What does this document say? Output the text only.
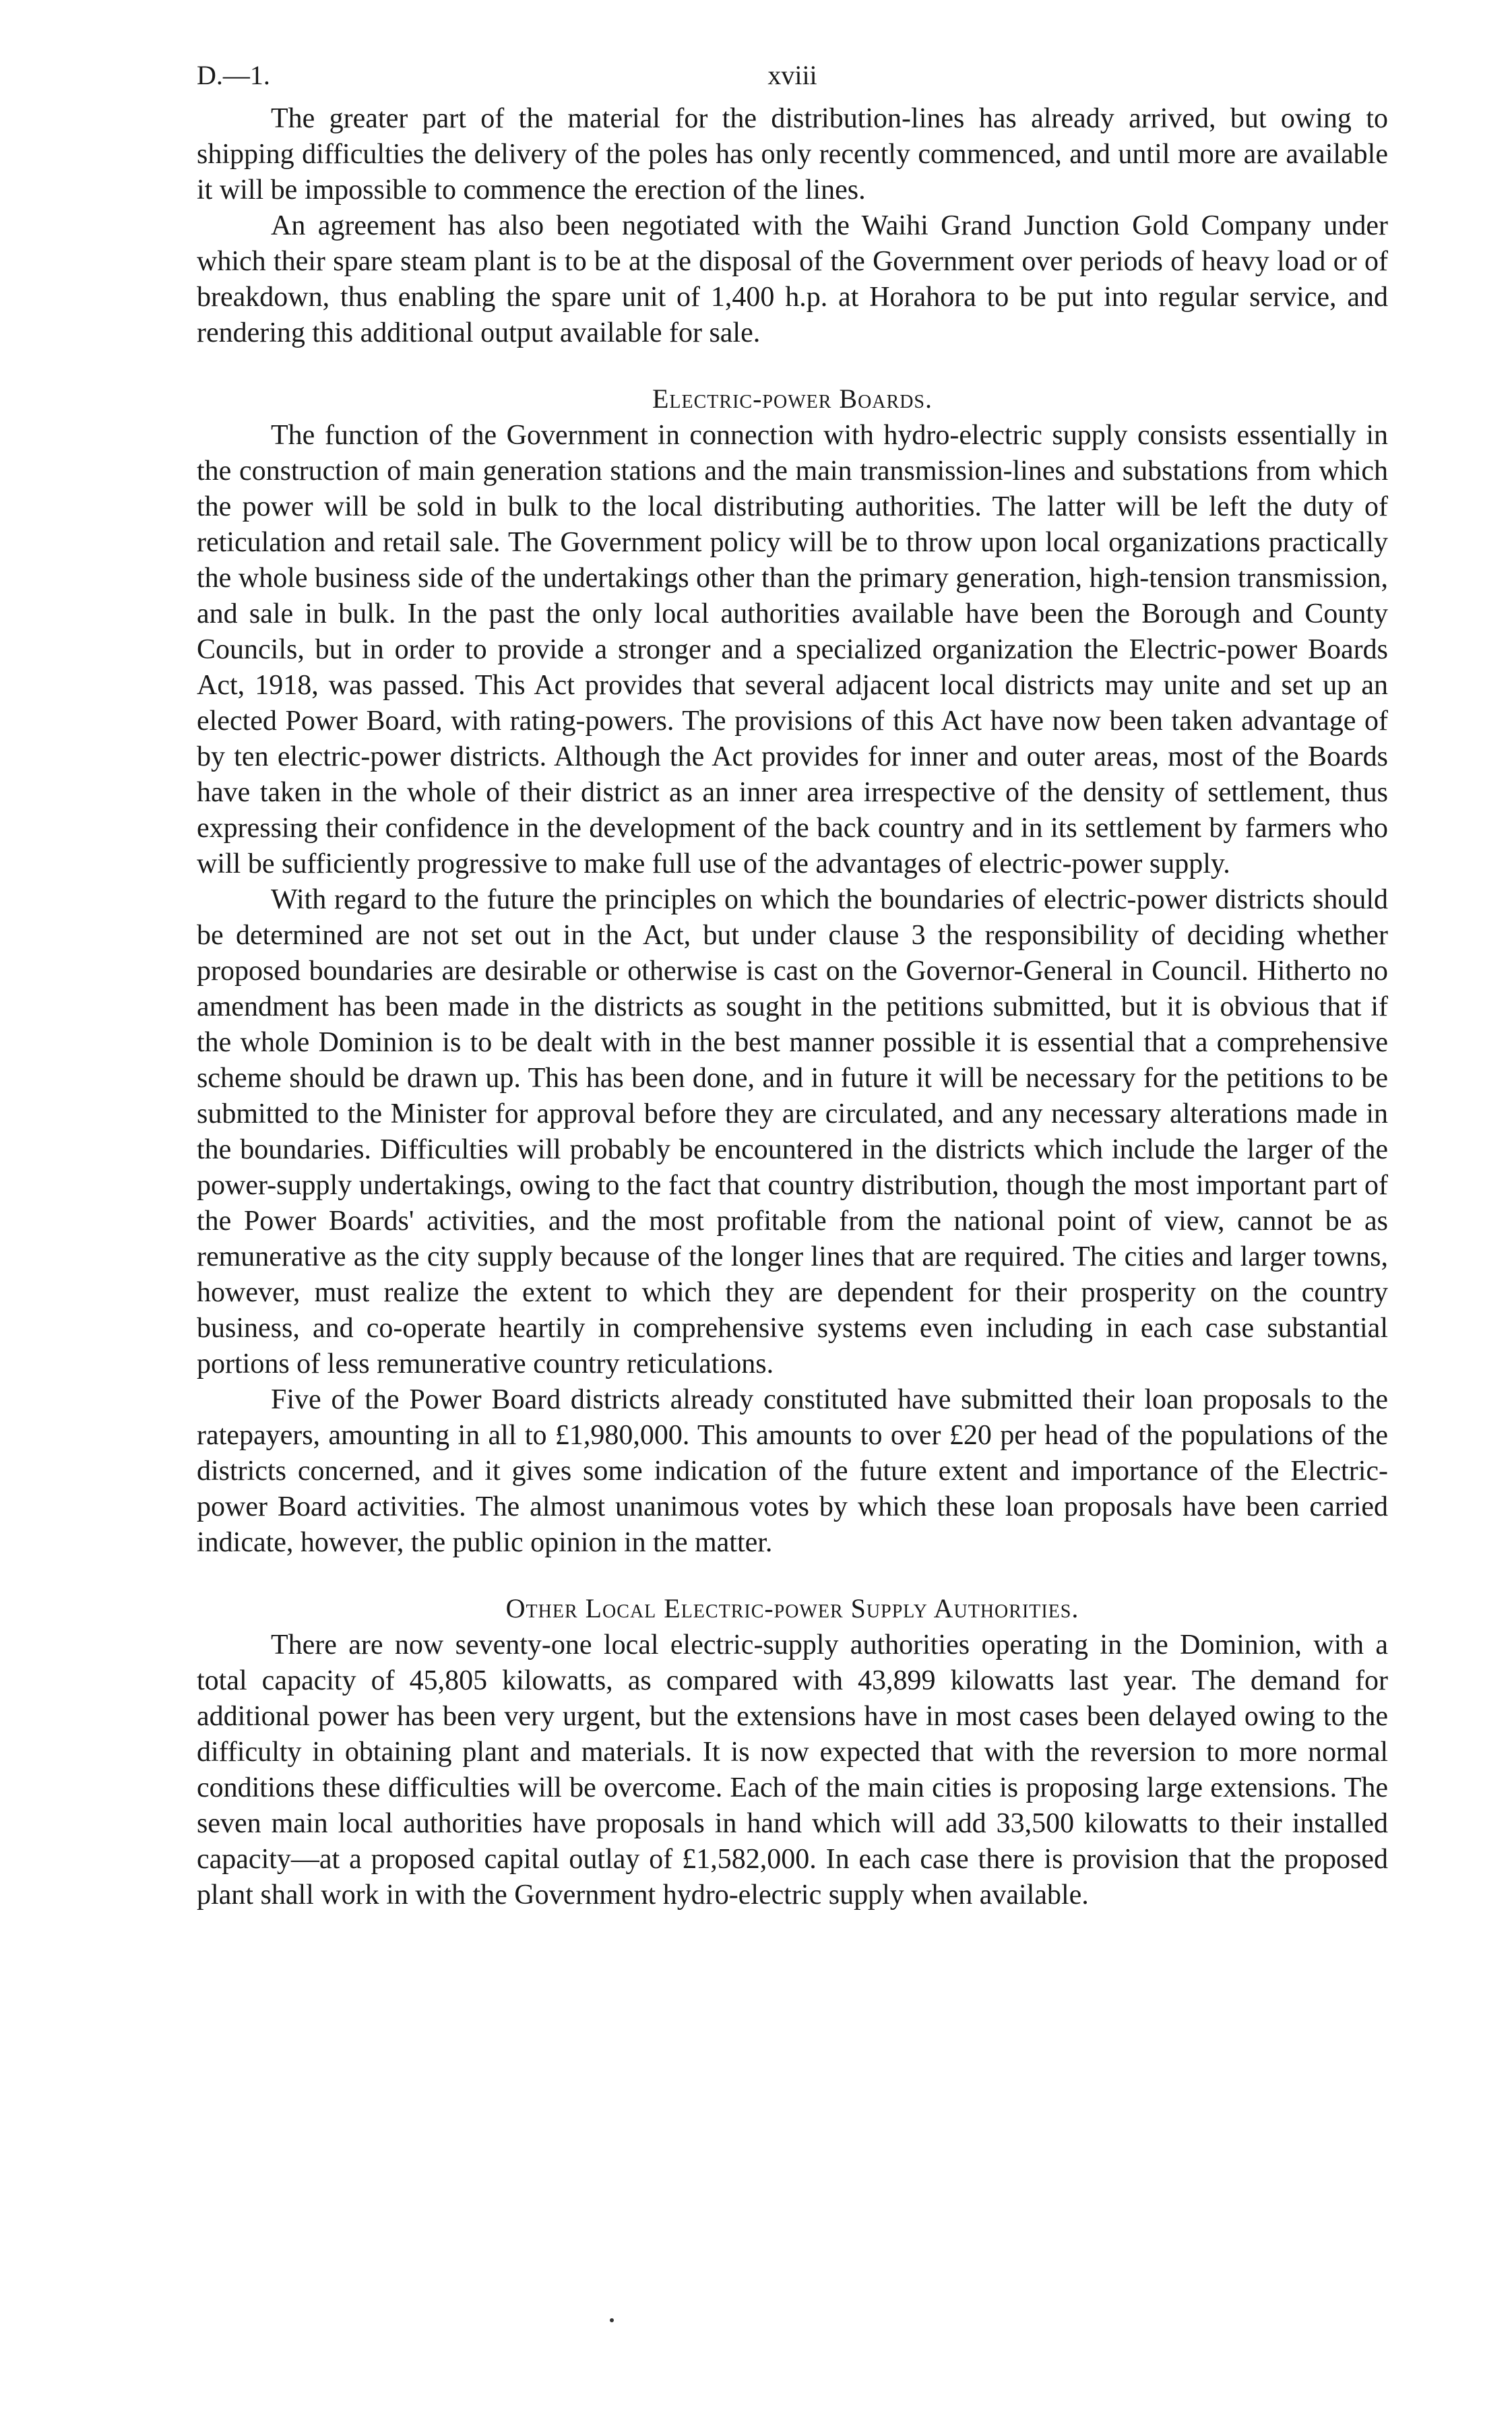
D.—1.	xviii

The greater part of the material for the distribution-lines has already arrived, but owing to shipping difficulties the delivery of the poles has only recently commenced, and until more are available it will be impossible to commence the erection of the lines.

An agreement has also been negotiated with the Waihi Grand Junction Gold Company under which their spare steam plant is to be at the disposal of the Government over periods of heavy load or of breakdown, thus enabling the spare unit of 1,400 h.p. at Horahora to be put into regular service, and rendering this additional output available for sale.

Electric-power Boards.

The function of the Government in connection with hydro-electric supply consists essentially in the construction of main generation stations and the main transmission-lines and substations from which the power will be sold in bulk to the local distributing authorities. The latter will be left the duty of reticulation and retail sale. The Government policy will be to throw upon local organizations practically the whole business side of the undertakings other than the primary generation, high-tension transmission, and sale in bulk. In the past the only local authorities available have been the Borough and County Councils, but in order to provide a stronger and a specialized organization the Electric-power Boards Act, 1918, was passed. This Act provides that several adjacent local districts may unite and set up an elected Power Board, with rating-powers. The provisions of this Act have now been taken advantage of by ten electric-power districts. Although the Act provides for inner and outer areas, most of the Boards have taken in the whole of their district as an inner area irrespective of the density of settlement, thus expressing their confidence in the development of the back country and in its settlement by farmers who will be sufficiently progressive to make full use of the advantages of electric-power supply.

With regard to the future the principles on which the boundaries of electric-power districts should be determined are not set out in the Act, but under clause 3 the responsibility of deciding whether proposed boundaries are desirable or otherwise is cast on the Governor-General in Council. Hitherto no amendment has been made in the districts as sought in the petitions submitted, but it is obvious that if the whole Dominion is to be dealt with in the best manner possible it is essential that a comprehensive scheme should be drawn up. This has been done, and in future it will be necessary for the petitions to be submitted to the Minister for approval before they are circulated, and any necessary alterations made in the boundaries. Difficulties will probably be encountered in the districts which include the larger of the power-supply undertakings, owing to the fact that country distribution, though the most important part of the Power Boards' activities, and the most profitable from the national point of view, cannot be as remunerative as the city supply because of the longer lines that are required. The cities and larger towns, however, must realize the extent to which they are dependent for their prosperity on the country business, and co-operate heartily in comprehensive systems even including in each case substantial portions of less remunerative country reticulations.

Five of the Power Board districts already constituted have submitted their loan proposals to the ratepayers, amounting in all to £1,980,000. This amounts to over £20 per head of the populations of the districts concerned, and it gives some indication of the future extent and importance of the Electric-power Board activities. The almost unanimous votes by which these loan proposals have been carried indicate, however, the public opinion in the matter.

Other Local Electric-power Supply Authorities.

There are now seventy-one local electric-supply authorities operating in the Dominion, with a total capacity of 45,805 kilowatts, as compared with 43,899 kilowatts last year. The demand for additional power has been very urgent, but the extensions have in most cases been delayed owing to the difficulty in obtaining plant and materials. It is now expected that with the reversion to more normal conditions these difficulties will be overcome. Each of the main cities is proposing large extensions. The seven main local authorities have proposals in hand which will add 33,500 kilowatts to their installed capacity—at a proposed capital outlay of £1,582,000. In each case there is provision that the proposed plant shall work in with the Government hydro-electric supply when available.
